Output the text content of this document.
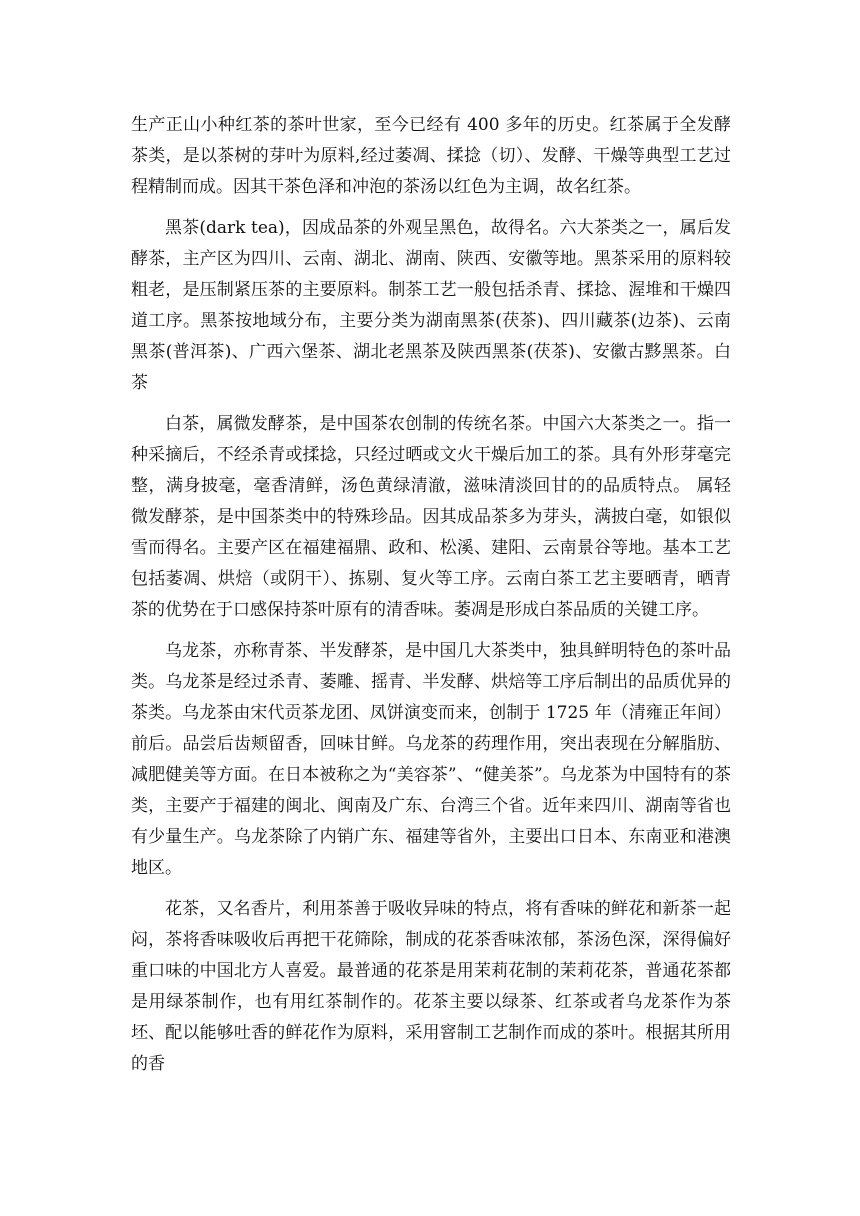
生产正山小种红茶的茶叶世家，至今已经有 400 多年的历史。红茶属于全发酵茶类，是以茶树的芽叶为原料,经过萎凋、揉捻（切）、发酵、干燥等典型工艺过程精制而成。因其干茶色泽和冲泡的茶汤以红色为主调，故名红茶。

黑茶(dark tea)，因成品茶的外观呈黑色，故得名。六大茶类之一，属后发酵茶，主产区为四川、云南、湖北、湖南、陕西、安徽等地。黑茶采用的原料较粗老，是压制紧压茶的主要原料。制茶工艺一般包括杀青、揉捻、渥堆和干燥四道工序。黑茶按地域分布，主要分类为湖南黑茶(茯茶)、四川藏茶(边茶)、云南黑茶(普洱茶)、广西六堡茶、湖北老黑茶及陕西黑茶(茯茶)、安徽古黟黑茶。白茶

白茶，属微发酵茶，是中国茶农创制的传统名茶。中国六大茶类之一。指一种采摘后，不经杀青或揉捻，只经过晒或文火干燥后加工的茶。具有外形芽毫完整，满身披毫，毫香清鲜，汤色黄绿清澈，滋味清淡回甘的的品质特点。 属轻微发酵茶，是中国茶类中的特殊珍品。因其成品茶多为芽头，满披白毫，如银似雪而得名。主要产区在福建福鼎、政和、松溪、建阳、云南景谷等地。基本工艺包括萎凋、烘焙（或阴干）、拣剔、复火等工序。云南白茶工艺主要晒青，晒青茶的优势在于口感保持茶叶原有的清香味。萎凋是形成白茶品质的关键工序。

乌龙茶，亦称青茶、半发酵茶，是中国几大茶类中，独具鲜明特色的茶叶品类。乌龙茶是经过杀青、萎雕、摇青、半发酵、烘焙等工序后制出的品质优异的茶类。乌龙茶由宋代贡茶龙团、凤饼演变而来，创制于 1725 年（清雍正年间）前后。品尝后齿颊留香，回味甘鲜。乌龙茶的药理作用，突出表现在分解脂肪、减肥健美等方面。在日本被称之为“美容茶”、“健美茶”。乌龙茶为中国特有的茶类，主要产于福建的闽北、闽南及广东、台湾三个省。近年来四川、湖南等省也有少量生产。乌龙茶除了内销广东、福建等省外，主要出口日本、东南亚和港澳地区。

花茶，又名香片，利用茶善于吸收异味的特点，将有香味的鲜花和新茶一起闷，茶将香味吸收后再把干花筛除，制成的花茶香味浓郁，茶汤色深，深得偏好重口味的中国北方人喜爱。最普通的花茶是用茉莉花制的茉莉花茶，普通花茶都是用绿茶制作，也有用红茶制作的。花茶主要以绿茶、红茶或者乌龙茶作为茶坯、配以能够吐香的鲜花作为原料，采用窨制工艺制作而成的茶叶。根据其所用的香
